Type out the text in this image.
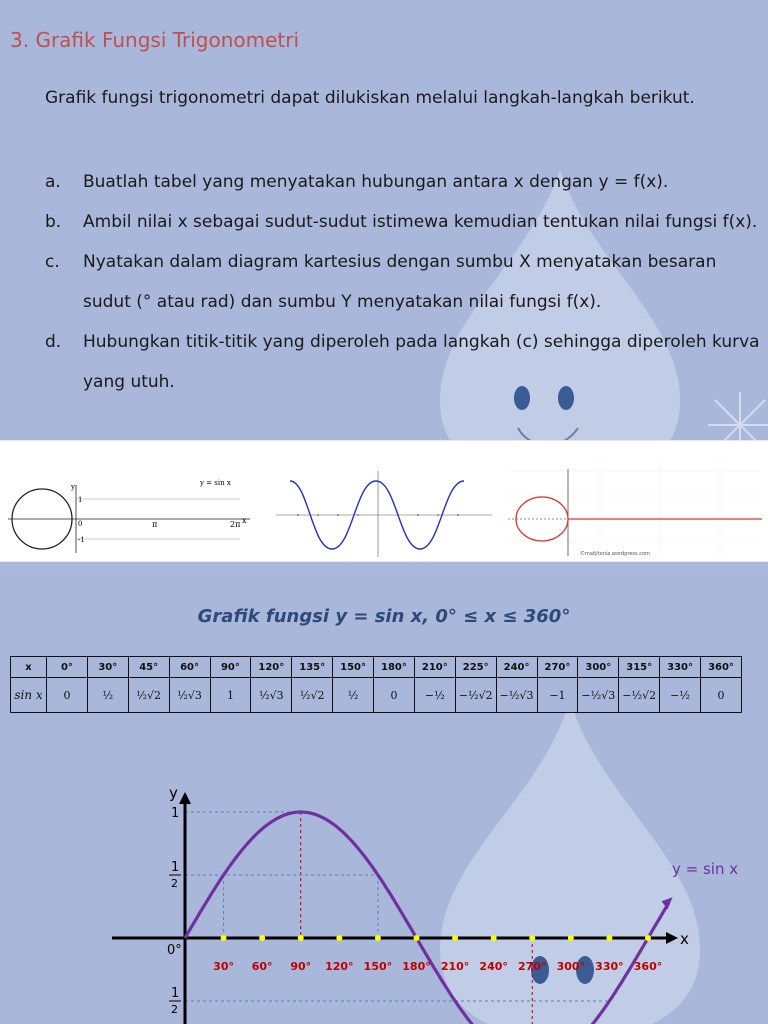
3. Grafik Fungsi Trigonometri

Grafik fungsi trigonometri dapat dilukiskan melalui langkah-langkah berikut.

a. Buatlah tabel yang menyatakan hubungan antara x dengan y = f(x).
b. Ambil nilai x sebagai sudut-sudut istimewa kemudian tentukan nilai fungsi f(x).
c. Nyatakan dalam diagram kartesius dengan sumbu X menyatakan besaran sudut (° atau rad) dan sumbu Y menyatakan nilai fungsi f(x).
d. Hubungkan titik-titik yang diperoleh pada langkah (c) sehingga diperoleh kurva yang utuh.
y
1
0
-1
π	2π x
y = sin x
©matjitonia.wordpress.com
Grafik fungsi y = sin x, 0° ≤ x ≤ 360°
x	0°	30°	45°	60°	90°	120°	135°	150°	180°	210°	225°	240°	270°	300°	315°	330°	360°
sin x	0	½	½√2	½√3	1	½√3	½√2	½	0	−½	−½√2	−½√3	−1	−½√3	−½√2	−½	0
30° 60° 90° 120° 150° 180° 210° 240° 270° 300° 330° 360°
0°
y
x
1
1
2
1
2
y = sin x
